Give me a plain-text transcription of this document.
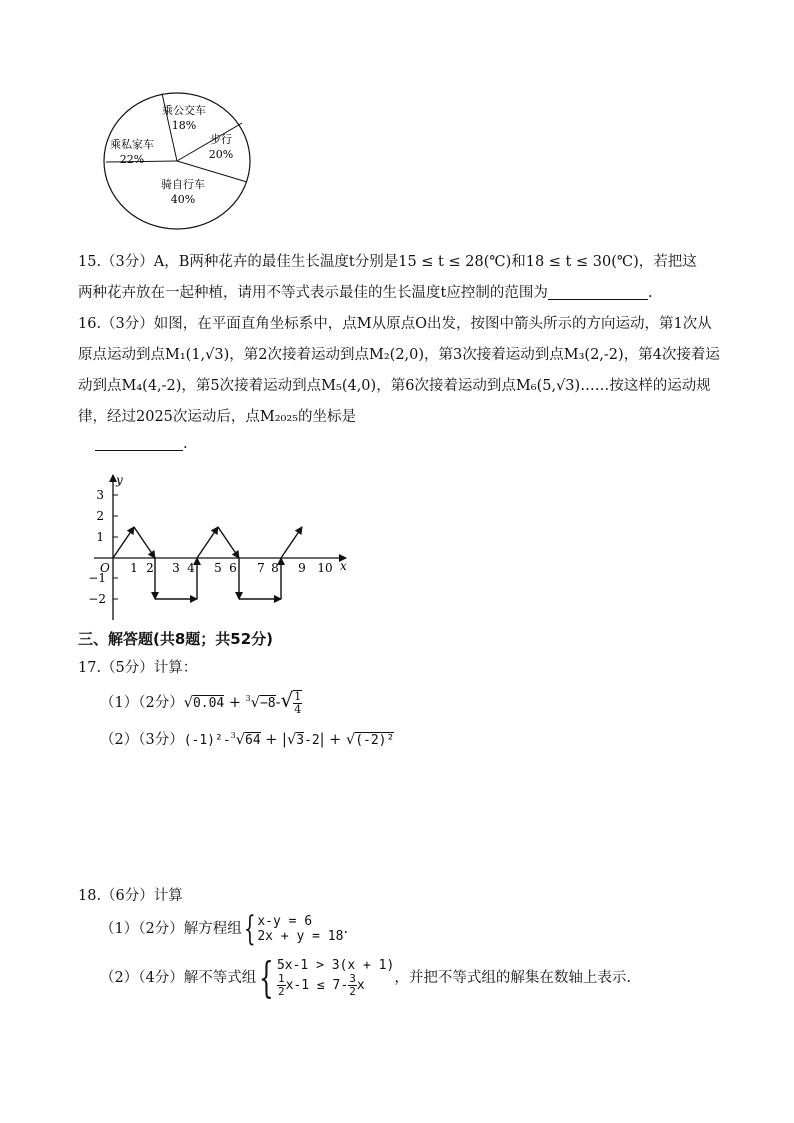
乘公交车
18%
步行
20%
骑自行车
40%
乘私家车
22%
15.（3分）A，B两种花卉的最佳生长温度t分别是15 ≤ t ≤ 28(℃)和18 ≤ t ≤ 30(℃)，若把这
两种花卉放在一起种植，请用不等式表示最佳的生长温度t应控制的范围为	.
16.（3分）如图，在平面直角坐标系中，点M从原点O出发，按图中箭头所示的方向运动，第1次从
原点运动到点M₁(1,√3)，第2次接着运动到点M₂(2,0)，第3次接着运动到点M₃(2,-2)，第4次接着运
动到点M₄(4,-2)，第5次接着运动到点M₅(4,0)，第6次接着运动到点M₆(5,√3)……按这样的运动规
律，经过2025次运动后，点M₂₀₂₅的坐标是
.
3
2
1
−1
−2
y
x
O 1 2 3 4 5 6 7 8 9 10
三、解答题(共8题；共52分)
17.（5分）计算：
（1）（2分）$√0.04 + ^3√-8-√ \frac{1}{4}$
（2）（3分）(-1)²-$^3$√64 + |√3-2| + √(-2)²
18.（6分）计算
（1）（2分）解方程组{ x-y = 6
2x + y = 18 .
（2）（4分）解不等式组{ 5x-1 > 3(x + 1)
$\frac{1}{2} x-1 \le 7- \frac{3}{2}$ x	，并把不等式组的解集在数轴上表示.
